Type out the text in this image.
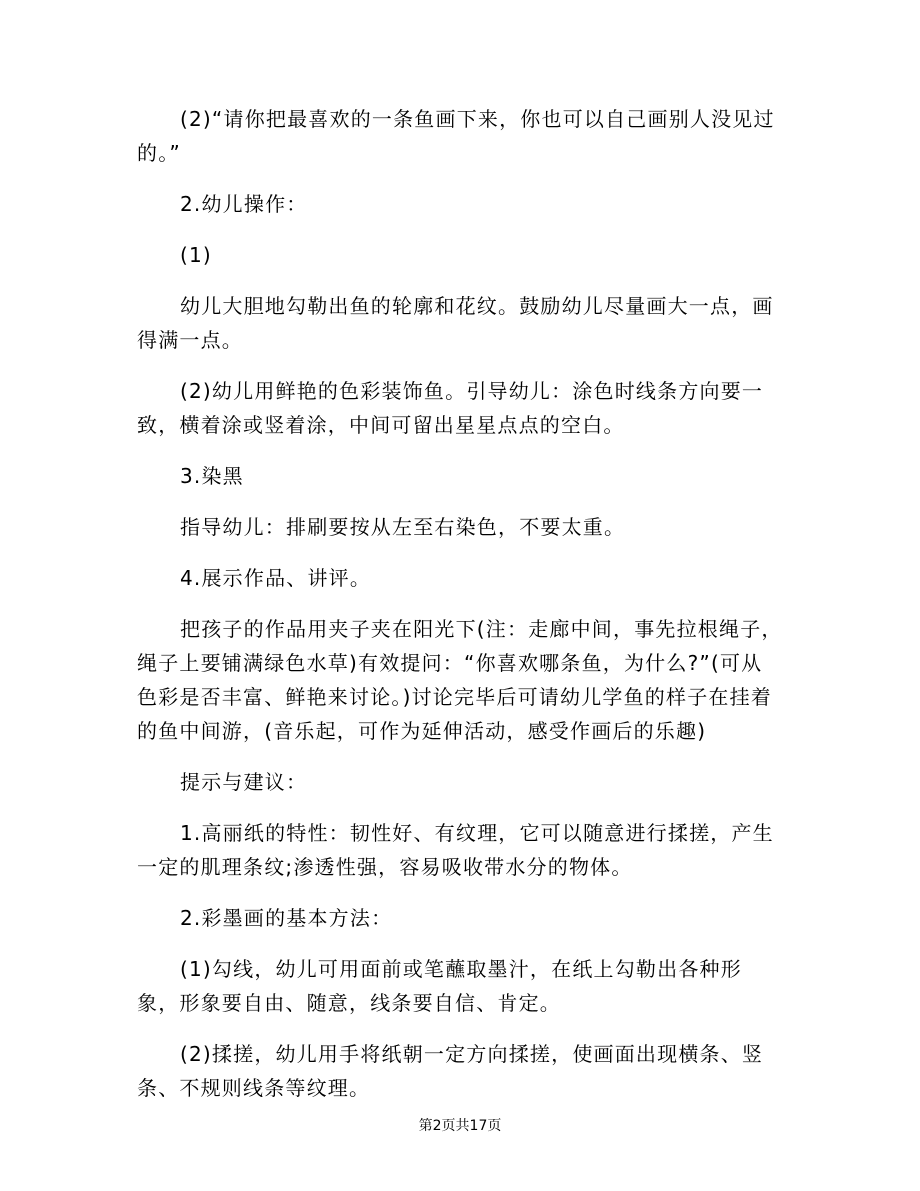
(2)“请你把最喜欢的一条鱼画下来，你也可以自己画别人没见过的。”

2.幼儿操作：

(1)

幼儿大胆地勾勒出鱼的轮廓和花纹。鼓励幼儿尽量画大一点，画得满一点。

(2)幼儿用鲜艳的色彩装饰鱼。引导幼儿：涂色时线条方向要一致，横着涂或竖着涂，中间可留出星星点点的空白。

3.染黑

指导幼儿：排刷要按从左至右染色，不要太重。

4.展示作品、讲评。

把孩子的作品用夹子夹在阳光下(注：走廊中间，事先拉根绳子，绳子上要铺满绿色水草)有效提问：“你喜欢哪条鱼，为什么?”(可从色彩是否丰富、鲜艳来讨论。)讨论完毕后可请幼儿学鱼的样子在挂着的鱼中间游，(音乐起，可作为延伸活动，感受作画后的乐趣)

提示与建议：

1.高丽纸的特性：韧性好、有纹理，它可以随意进行揉搓，产生一定的肌理条纹;渗透性强，容易吸收带水分的物体。

2.彩墨画的基本方法：

(1)勾线，幼儿可用面前或笔蘸取墨汁，在纸上勾勒出各种形象，形象要自由、随意，线条要自信、肯定。

(2)揉搓，幼儿用手将纸朝一定方向揉搓，使画面出现横条、竖条、不规则线条等纹理。

第2页共17页
